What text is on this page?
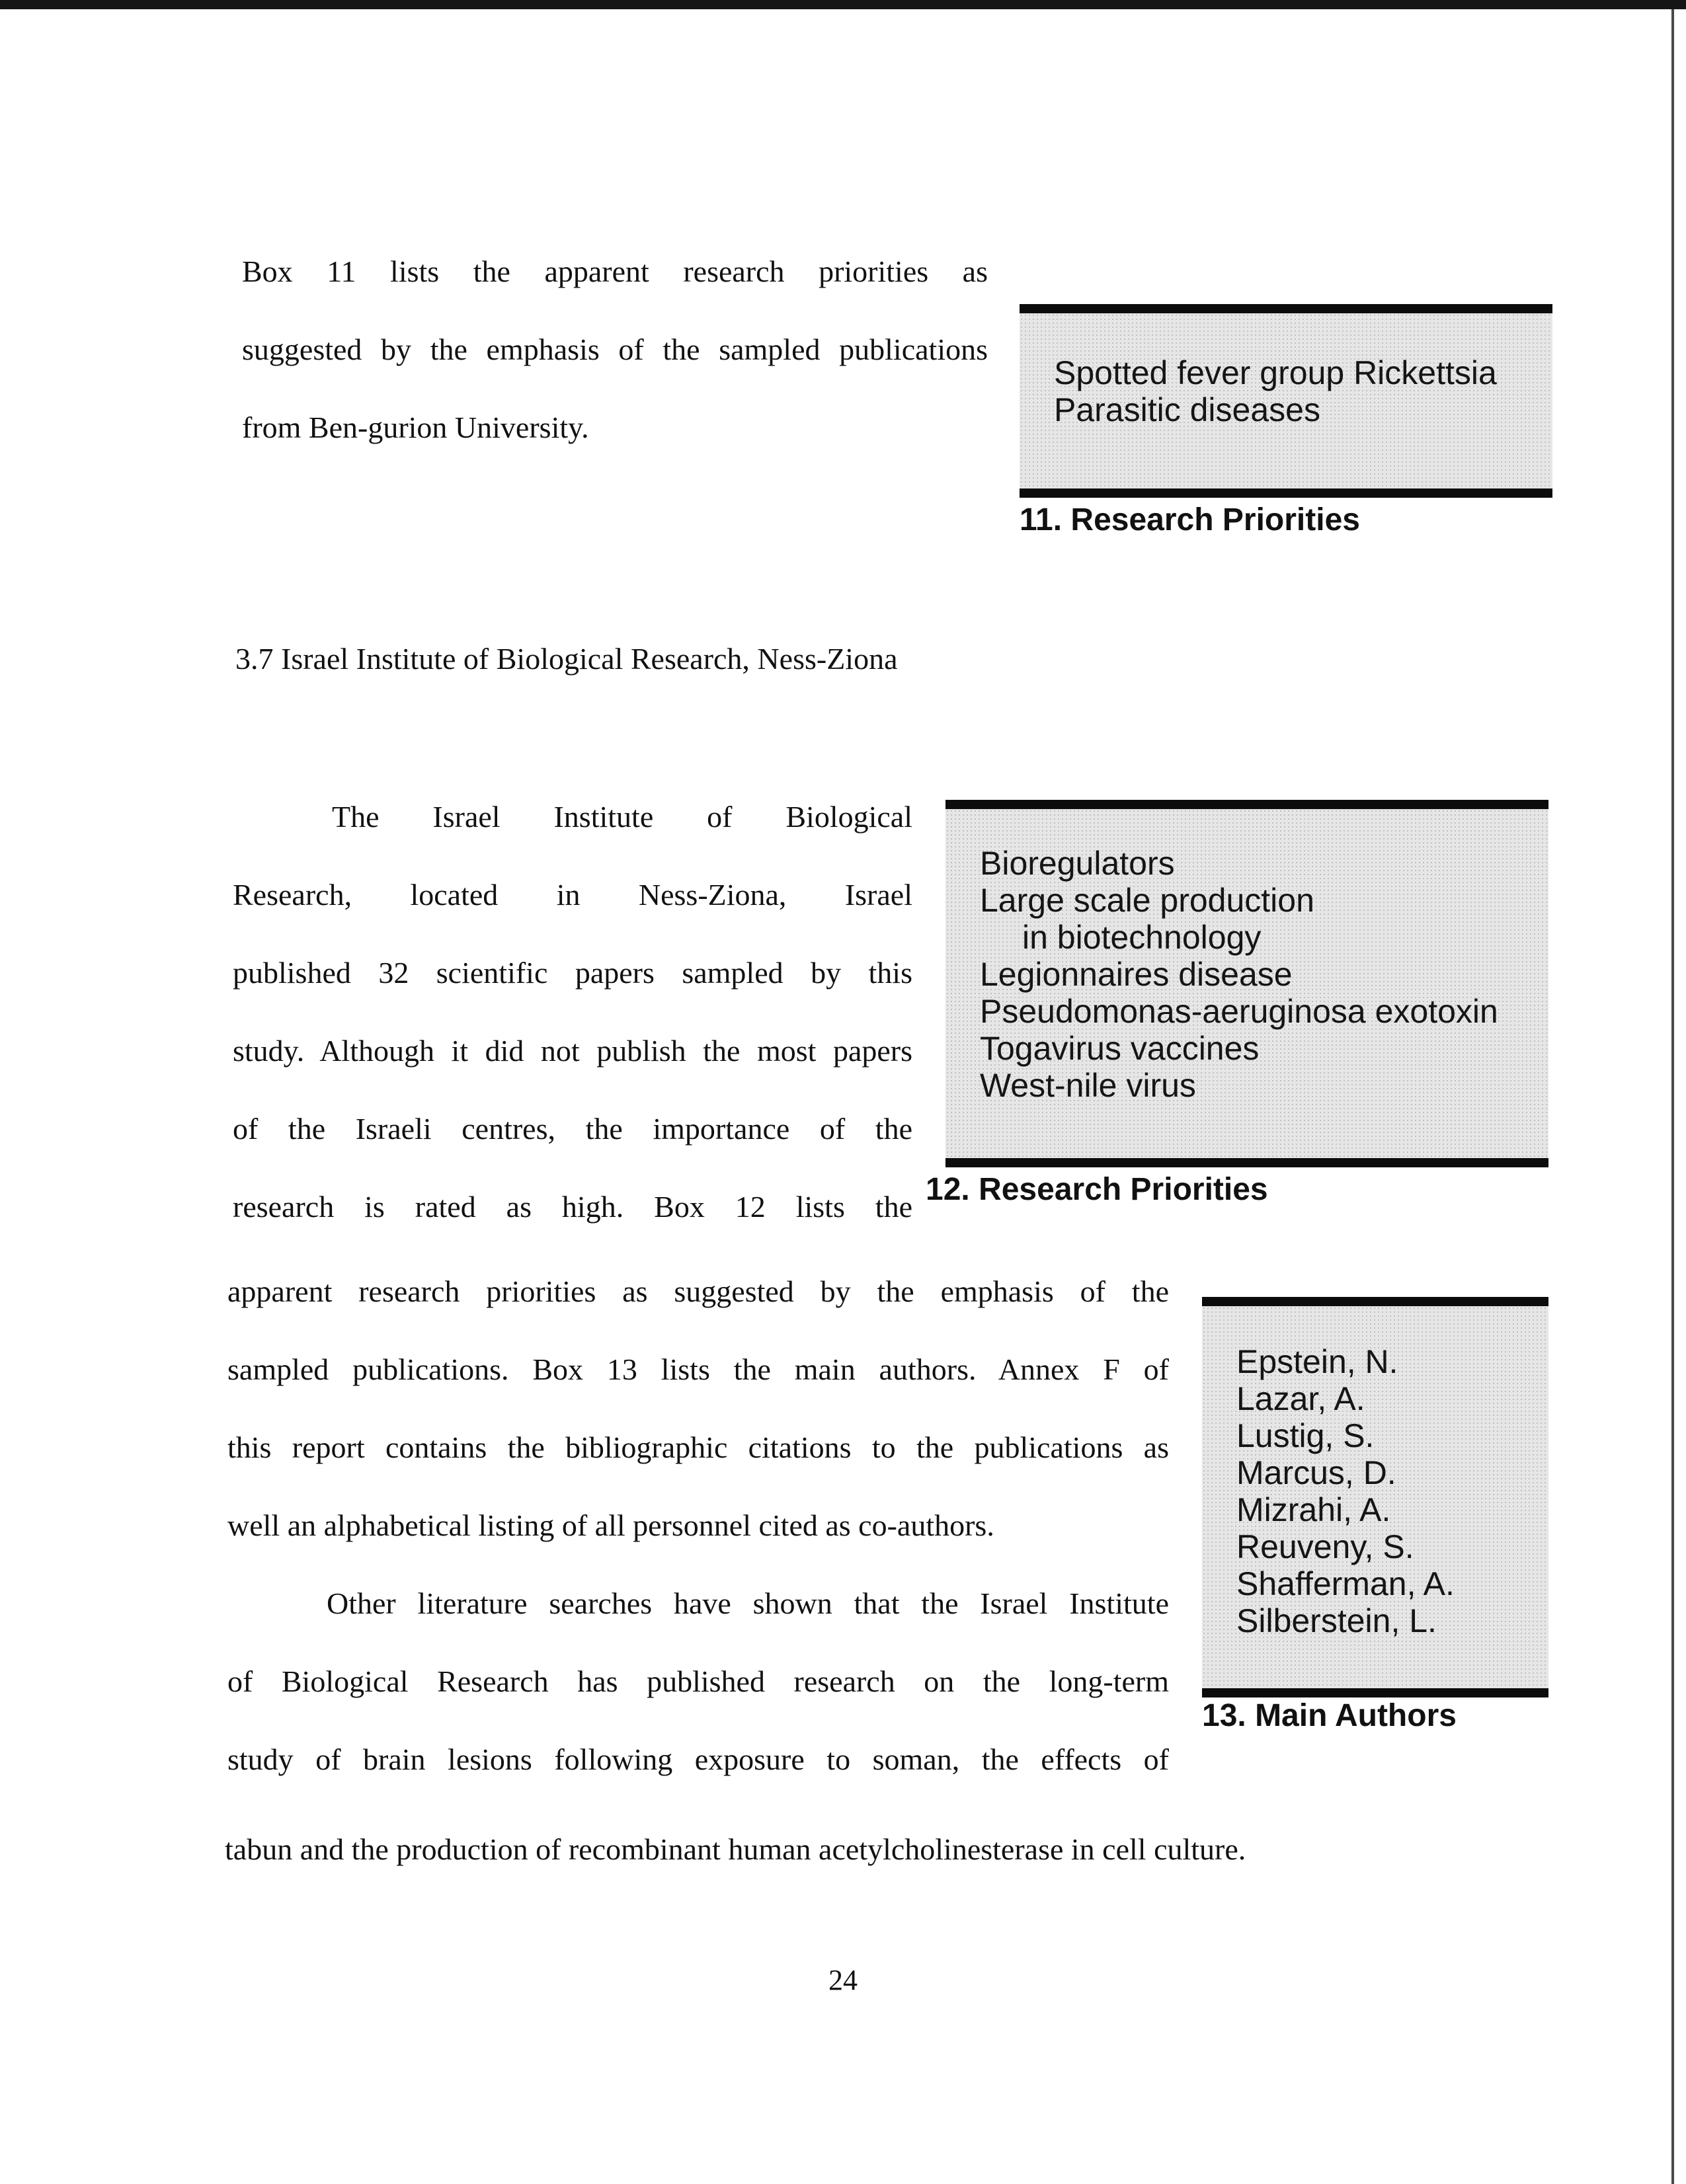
Box 11 lists the apparent research priorities as
suggested by the emphasis of the sampled publications
from Ben-gurion University.
Spotted fever group Rickettsia
Parasitic diseases
11. Research Priorities

3.7 Israel Institute of Biological Research, Ness-Ziona

The Israel Institute of Biological
Research, located in Ness-Ziona, Israel
published 32 scientific papers sampled by this
study. Although it did not publish the most papers
of the Israeli centres, the importance of the
research is rated as high. Box 12 lists the
Bioregulators
Large scale production
in biotechnology
Legionnaires disease
Pseudomonas-aeruginosa exotoxin
Togavirus vaccines
West-nile virus
12. Research Priorities
apparent research priorities as suggested by the emphasis of the
sampled publications. Box 13 lists the main authors. Annex F of
this report contains the bibliographic citations to the publications as
well an alphabetical listing of all personnel cited as co-authors.
Other literature searches have shown that the Israel Institute
of Biological Research has published research on the long-term
study of brain lesions following exposure to soman, the effects of
tabun and the production of recombinant human acetylcholinesterase in cell culture.
Epstein, N.
Lazar, A.
Lustig, S.
Marcus, D.
Mizrahi, A.
Reuveny, S.
Shafferman, A.
Silberstein, L.
13. Main Authors

24
